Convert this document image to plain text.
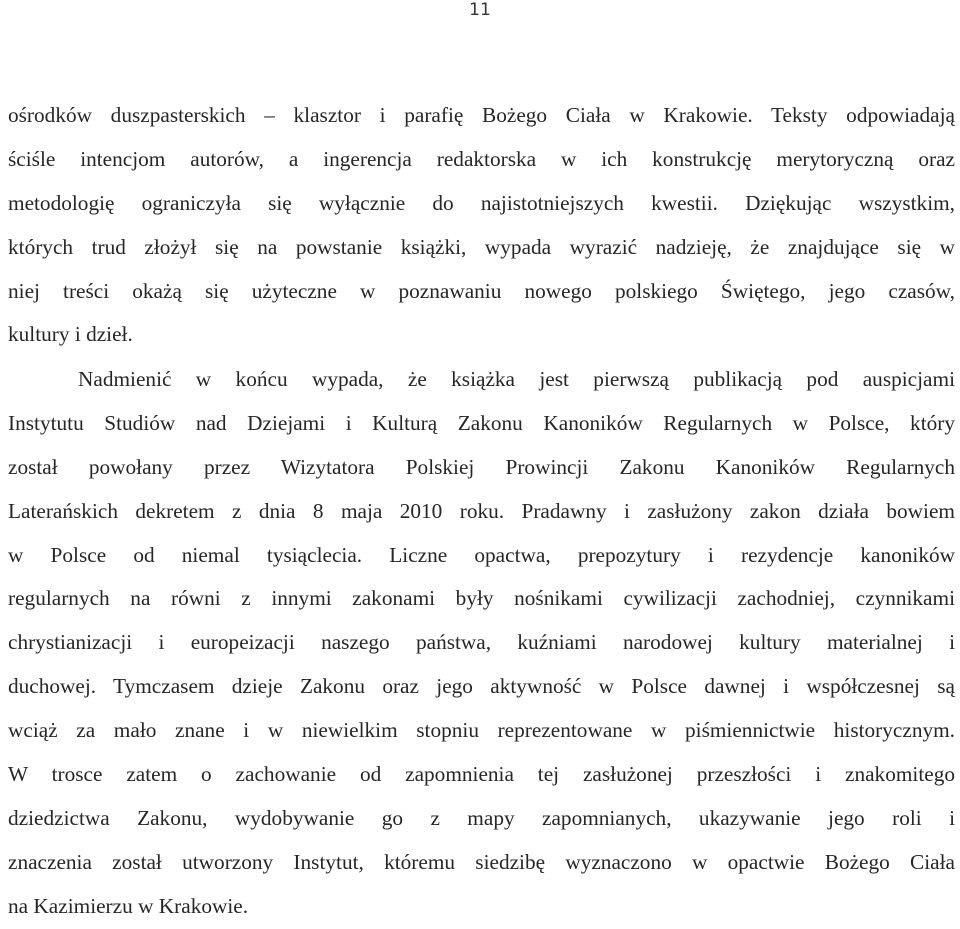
11
ośrodków duszpasterskich – klasztor i parafię Bożego Ciała w Krakowie. Teksty odpowiadają
ściśle intencjom autorów, a ingerencja redaktorska w ich konstrukcję merytoryczną oraz
metodologię ograniczyła się wyłącznie do najistotniejszych kwestii. Dziękując wszystkim,
których trud złożył się na powstanie książki, wypada wyrazić nadzieję, że znajdujące się w
niej treści okażą się użyteczne w poznawaniu nowego polskiego Świętego, jego czasów,
kultury i dzieł.
Nadmienić w końcu wypada, że książka jest pierwszą publikacją pod auspicjami
Instytutu Studiów nad Dziejami i Kulturą Zakonu Kanoników Regularnych w Polsce, który
został powołany przez Wizytatora Polskiej Prowincji Zakonu Kanoników Regularnych
Laterańskich dekretem z dnia 8 maja 2010 roku. Pradawny i zasłużony zakon działa bowiem
w Polsce od niemal tysiąclecia. Liczne opactwa, prepozytury i rezydencje kanoników
regularnych na równi z innymi zakonami były nośnikami cywilizacji zachodniej, czynnikami
chrystianizacji i europeizacji naszego państwa, kuźniami narodowej kultury materialnej i
duchowej. Tymczasem dzieje Zakonu oraz jego aktywność w Polsce dawnej i współczesnej są
wciąż za mało znane i w niewielkim stopniu reprezentowane w piśmiennictwie historycznym.
W trosce zatem o zachowanie od zapomnienia tej zasłużonej przeszłości i znakomitego
dziedzictwa Zakonu, wydobywanie go z mapy zapomnianych, ukazywanie jego roli i
znaczenia został utworzony Instytut, któremu siedzibę wyznaczono w opactwie Bożego Ciała
na Kazimierzu w Krakowie.
